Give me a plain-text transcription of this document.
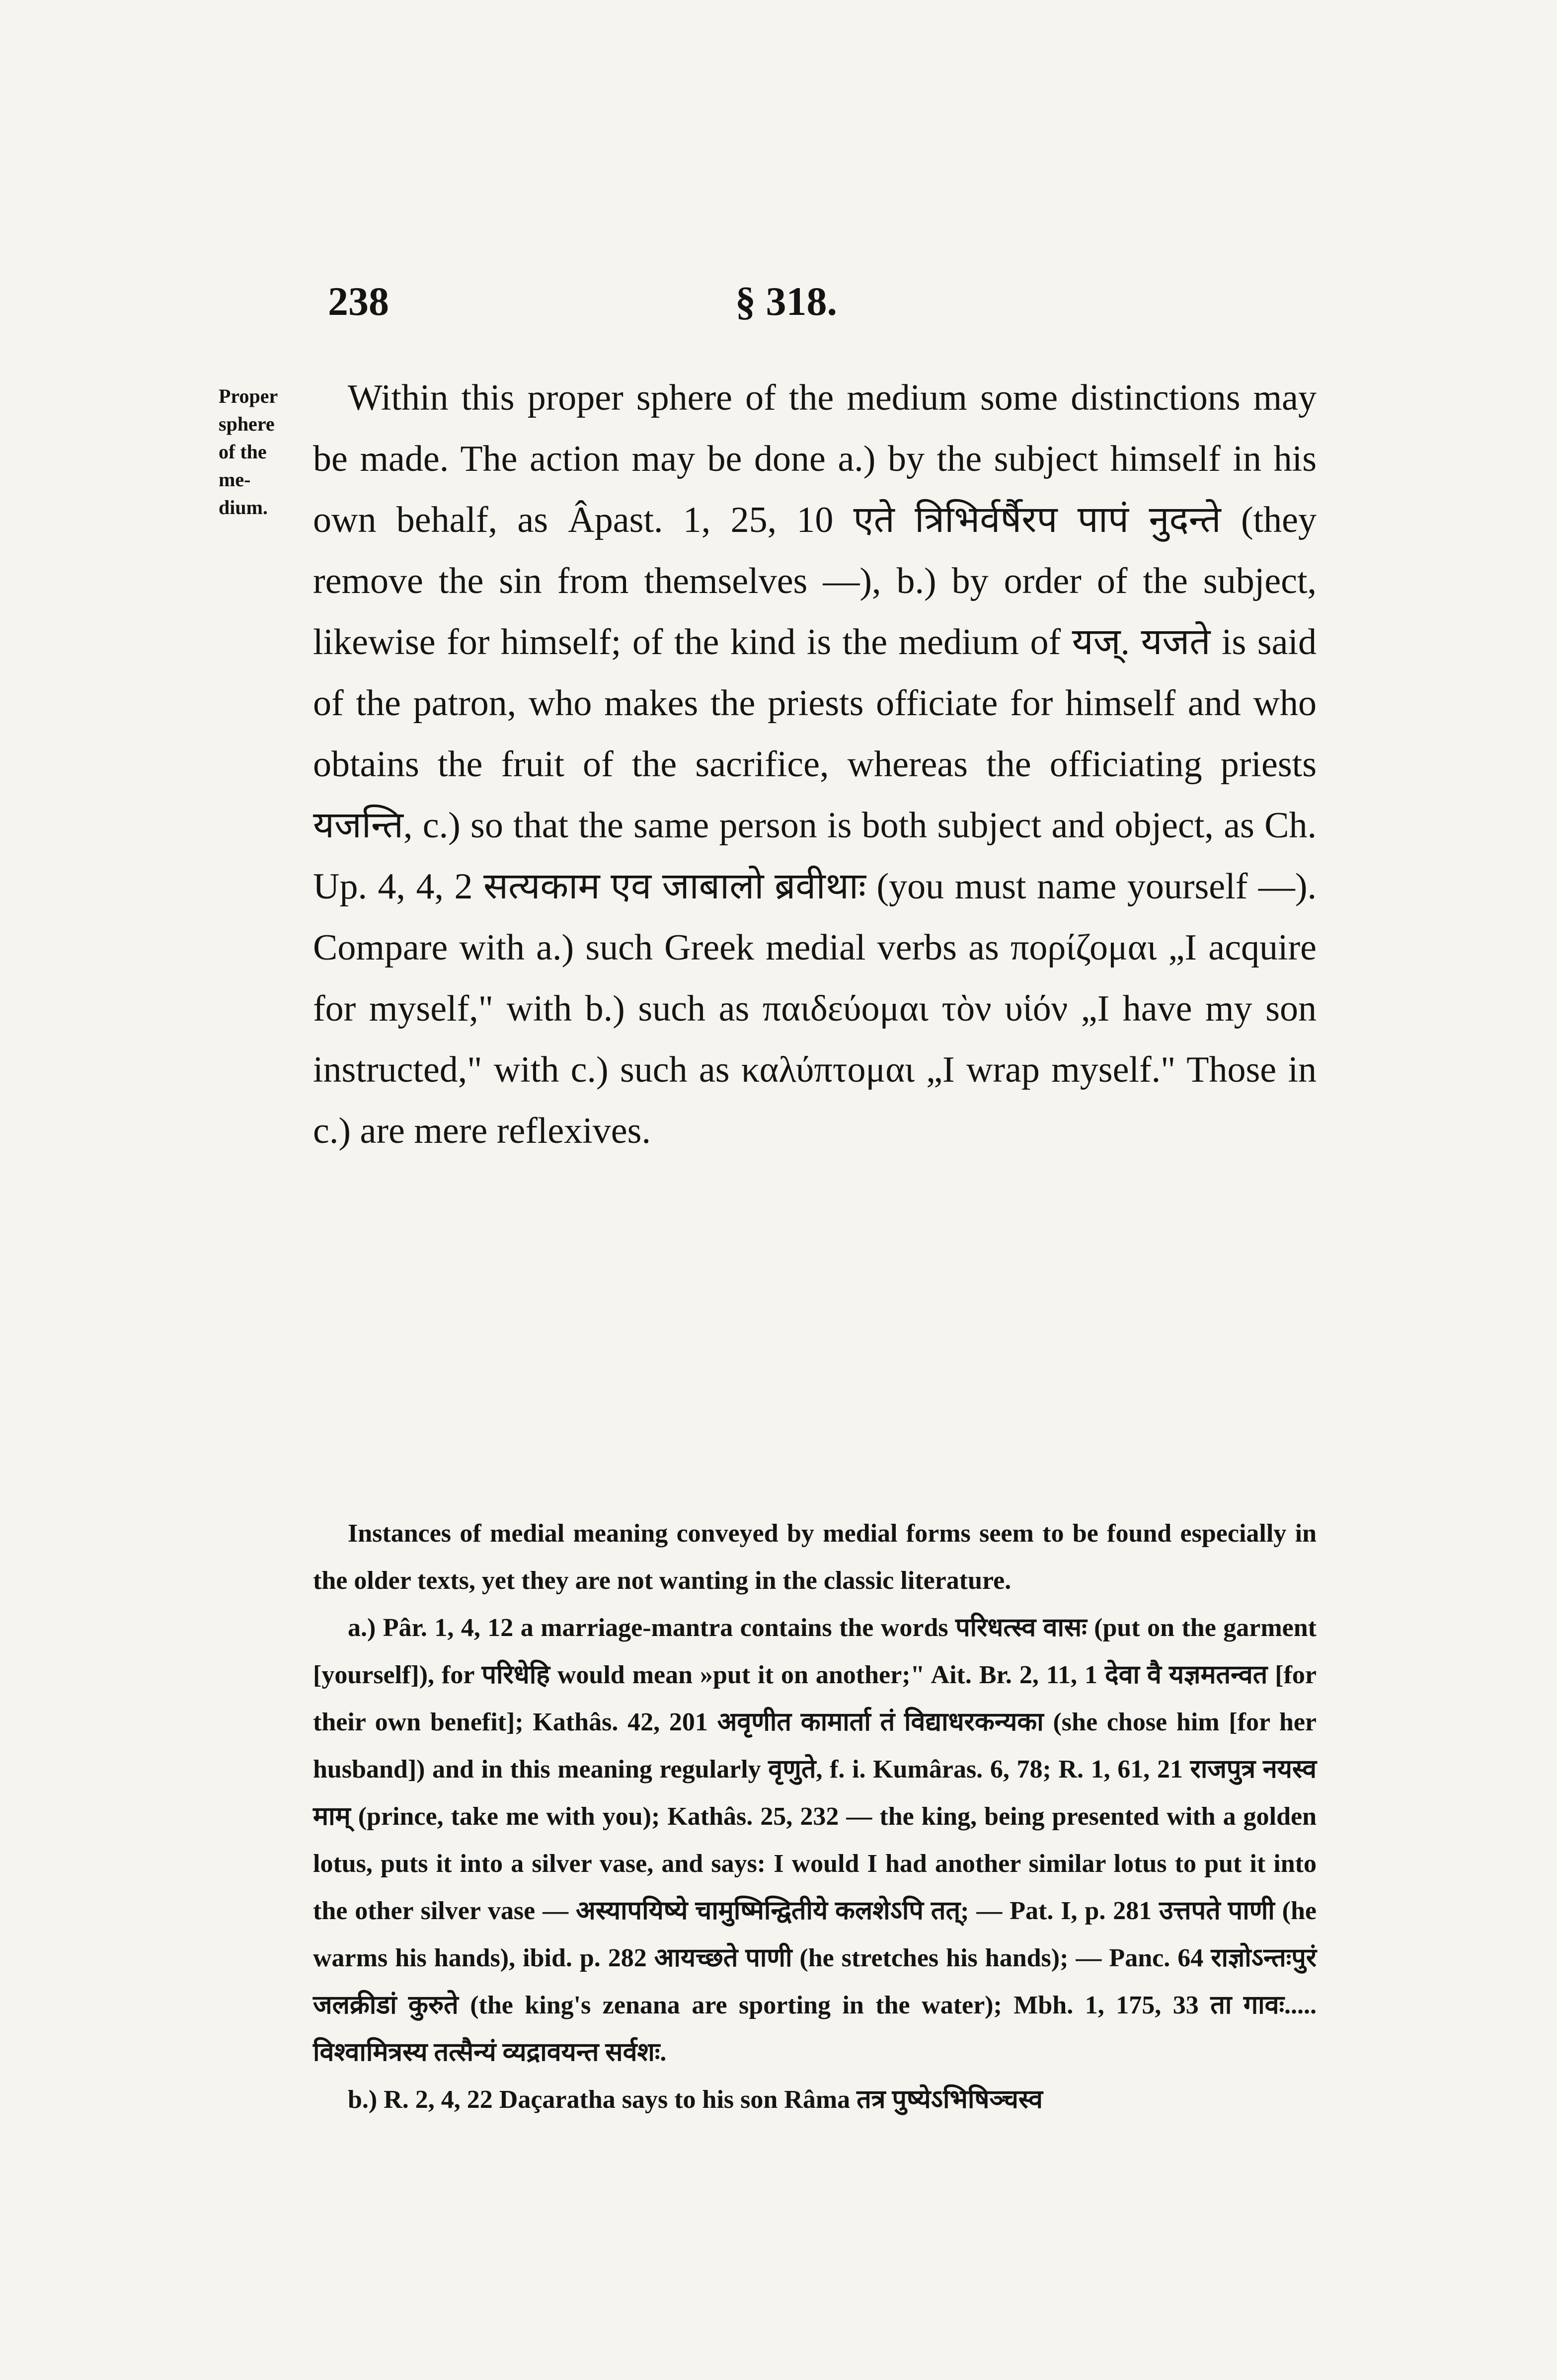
238	§ 318.
Proper
sphere
of the
me-
dium.

Within this proper sphere of the medium some distinctions may be made. The action may be done a.) by the subject himself in his own behalf, as Âpast. 1, 25, 10 एते त्रिभिर्वर्षैरप पापं नुदन्ते (they remove the sin from themselves —), b.) by order of the subject, likewise for himself; of the kind is the medium of यज्. यजते is said of the patron, who makes the priests officiate for himself and who obtains the fruit of the sacrifice, whereas the officiating priests यजन्ति, c.) so that the same person is both subject and object, as Ch. Up. 4, 4, 2 सत्यकाम एव जाबालो ब्रवीथाः (you must name yourself —). Compare with a.) such Greek medial verbs as πορίζομαι „I acquire for myself," with b.) such as παιδεύομαι τὸν υἱόν „I have my son instructed," with c.) such as καλύπτομαι „I wrap myself." Those in c.) are mere reflexives.

Instances of medial meaning conveyed by medial forms seem to be found especially in the older texts, yet they are not wanting in the classic literature.

a.) Pâr. 1, 4, 12 a marriage-mantra contains the words परिधत्स्व वासः (put on the garment [yourself]), for परिधेहि would mean »put it on another;" Ait. Br. 2, 11, 1 देवा वै यज्ञमतन्वत [for their own benefit]; Kathâs. 42, 201 अवृणीत कामार्ता तं विद्याधरकन्यका (she chose him [for her husband]) and in this meaning regularly वृणुते, f. i. Kumâras. 6, 78; R. 1, 61, 21 राजपुत्र नयस्व माम् (prince, take me with you); Kathâs. 25, 232 — the king, being presented with a golden lotus, puts it into a silver vase, and says: I would I had another similar lotus to put it into the other silver vase — अस्यापयिष्ये चामुष्मिन्द्वितीये कलशेऽपि तत्; — Pat. I, p. 281 उत्तपते पाणी (he warms his hands), ibid. p. 282 आयच्छते पाणी (he stretches his hands); — Panc. 64 राज्ञोऽन्तःपुरं जलक्रीडां कुरुते (the king's zenana are sporting in the water); Mbh. 1, 175, 33 ता गावः..... विश्वामित्रस्य तत्सैन्यं व्यद्रावयन्त सर्वशः.

b.) R. 2, 4, 22 Daçaratha says to his son Râma तत्र पुष्येऽभिषिञ्चस्व
